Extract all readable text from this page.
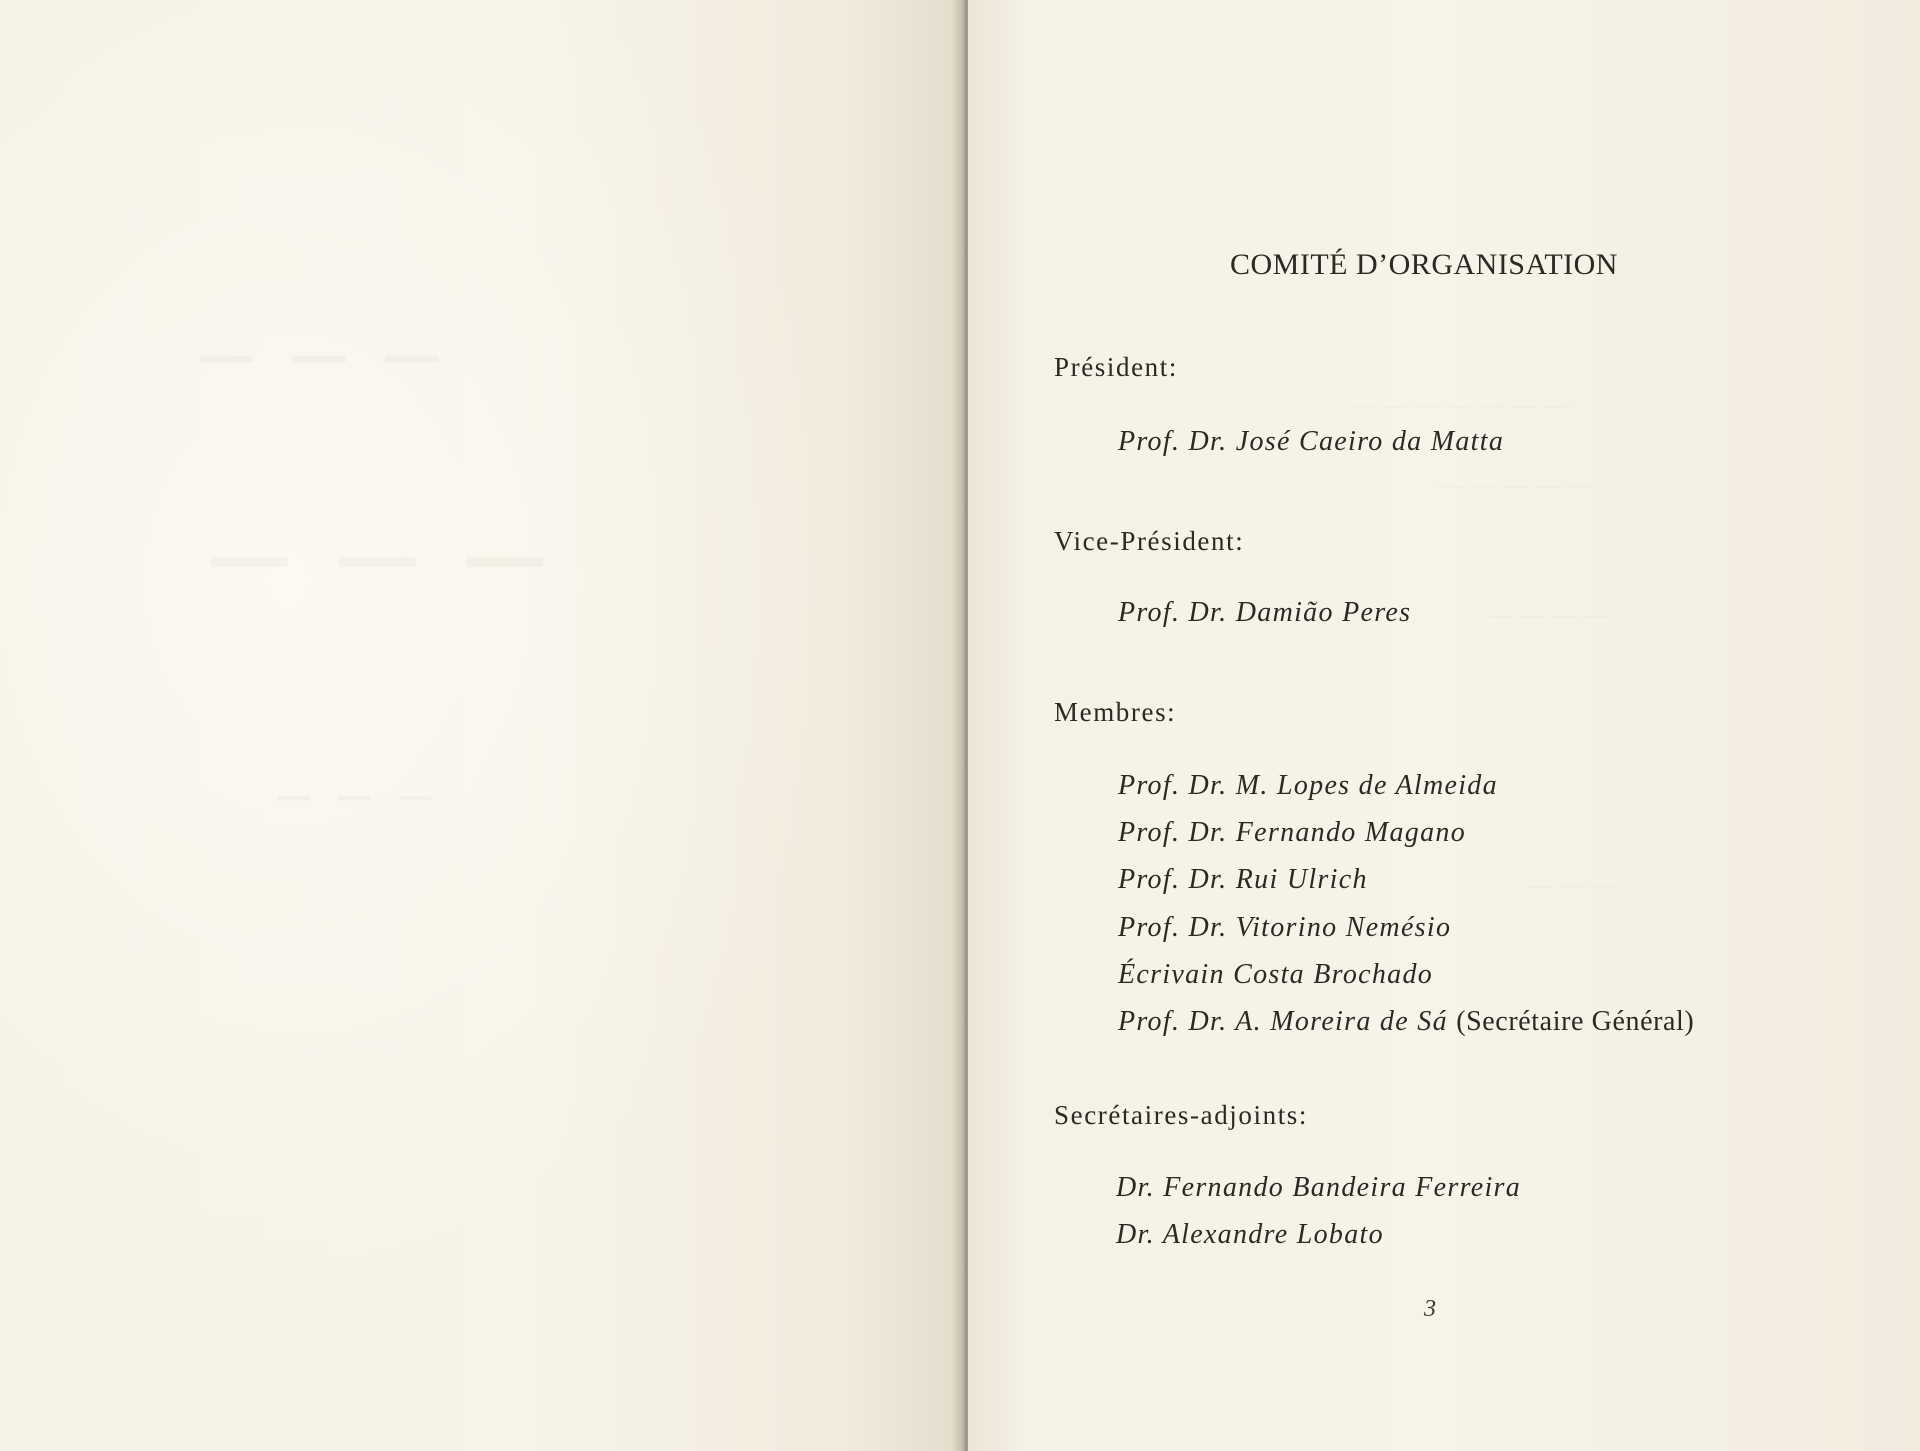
— — —
— — —
— — —
COMITÉ D’ORGANISATION
Président:
Prof. Dr. José Caeiro da Matta
Vice-Président:
Prof. Dr. Damião Peres
Membres:
Prof. Dr. M. Lopes de Almeida
Prof. Dr. Fernando Magano
Prof. Dr. Rui Ulrich
Prof. Dr. Vitorino Nemésio
Écrivain Costa Brochado
Prof. Dr. A. Moreira de Sá (Secrétaire Général)
Secrétaires-adjoints:
Dr. Fernando Bandeira Ferreira
Dr. Alexandre Lobato
3
